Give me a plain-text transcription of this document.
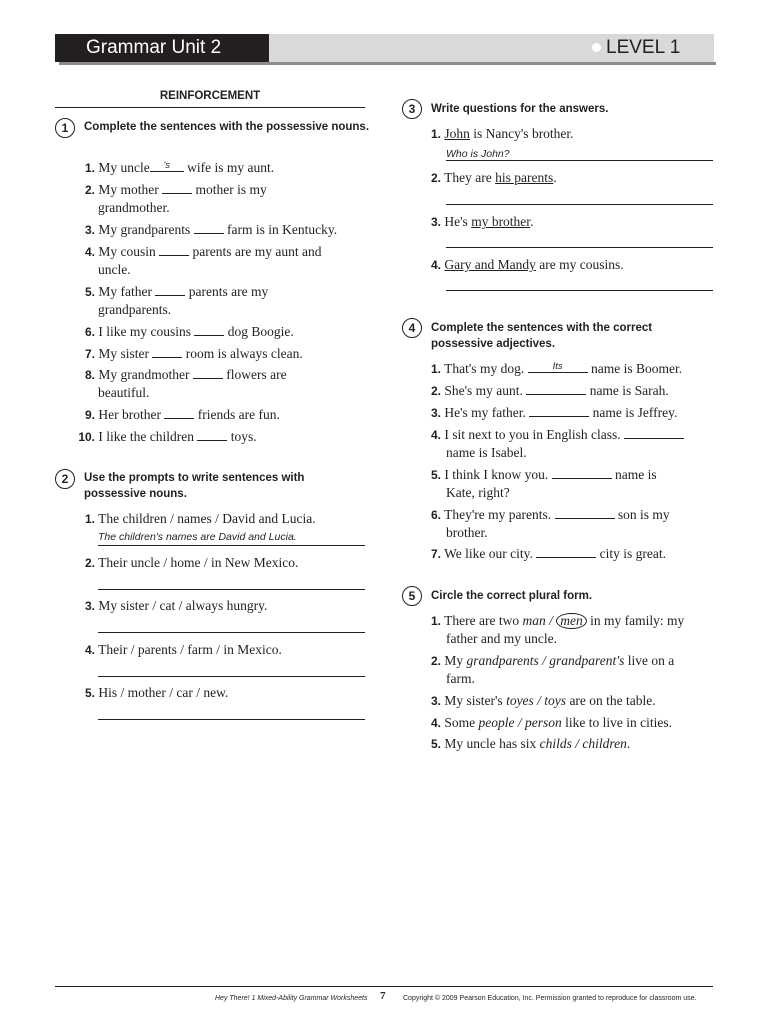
Grammar Unit 2	LEVEL 1
REINFORCEMENT
1	Complete the sentences with the possessive nouns.
1. My uncle	's	wife is my aunt.
2. My mother	mother is my
grandmother.
3. My grandparents	farm is in Kentucky.
4. My cousin	parents are my aunt and
uncle.
5. My father	parents are my
grandparents.
6. I like my cousins	dog Boogie.
7. My sister	room is always clean.
8. My grandmother	flowers are
beautiful.
9. Her brother	friends are fun.
10. I like the children	toys.
2	Use the prompts to write sentences with possessive nouns.
1. The children / names / David and Lucia.
The children's names are David and Lucia.
2. Their uncle / home / in New Mexico.
3. My sister / cat / always hungry.
4. Their / parents / farm / in Mexico.
5. His / mother / car / new.
3	Write questions for the answers.
1. John is Nancy's brother.
Who is John?
2. They are his parents.
3. He's my brother.
4. Gary and Mandy are my cousins.
4	Complete the sentences with the correct possessive adjectives.
1. That's my dog.	Its	name is Boomer.
2. She's my aunt.	name is Sarah.
3. He's my father.	name is Jeffrey.
4. I sit next to you in English class.
name is Isabel.
5. I think I know you.	name is
Kate, right?
6. They're my parents.	son is my
brother.
7. We like our city.	city is great.
5	Circle the correct plural form.
1. There are two man / men in my family: my
father and my uncle.
2. My grandparents / grandparent's live on a
farm.
3. My sister's toyes / toys are on the table.
4. Some people / person like to live in cities.
5. My uncle has six childs / children.
Hey There! 1 Mixed-Ability Grammar Worksheets 7	Copyright © 2009 Pearson Education, Inc. Permission granted to reproduce for classroom use.
